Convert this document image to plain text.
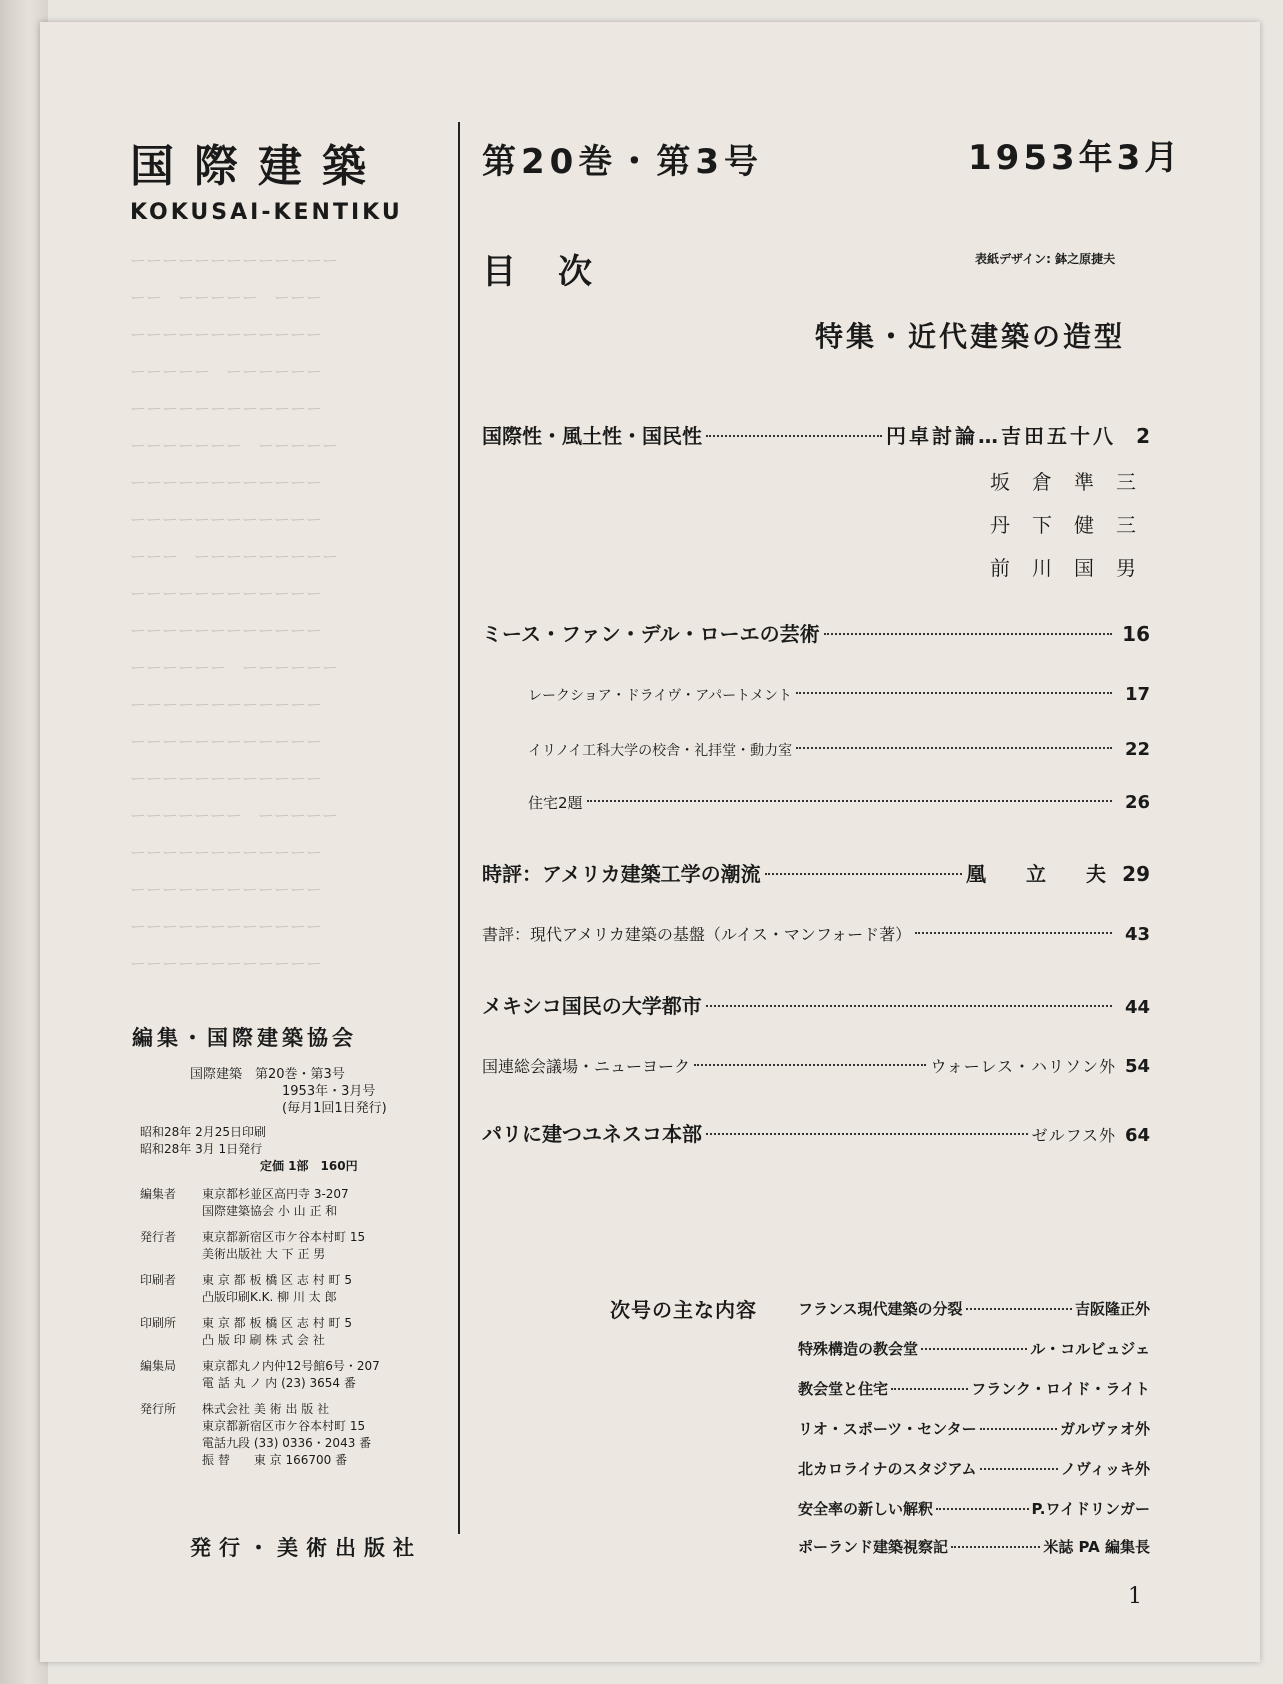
ーーーーーーーーーーーーー
ーー　ーーーーー　ーーー
ーーーーーーーーーーーー
ーーーーー　ーーーーーー
ーーーーーーーーーーーー
ーーーーーーー　ーーーーー
ーーーーーーーーーーーー
ーーーーーーーーーーーー
ーーー　ーーーーーーーーー
ーーーーーーーーーーーー
ーーーーーーーーーーーー
ーーーーーー　ーーーーーー
ーーーーーーーーーーーー
ーーーーーーーーーーーー
ーーーーーーーーーーーー
ーーーーーーー　ーーーーー
ーーーーーーーーーーーー
ーーーーーーーーーーーー
ーーーーーーーーーーーー
ーーーーーーーーーーーー
国際建築
KOKUSAI-KENTIKU
第20巻・第3号	1953年3月
目次	表紙デザイン: 鉢之原捷夫
特集・近代建築の造型
国際性・風土性・国民性	円卓討論…吉田五十八	2
坂倉準三
丹下健三
前川国男
ミース・ファン・デル・ローエの芸術	16
レークショア・ドライヴ・アパートメント	17
イリノイ工科大学の校舎・礼拝堂・動力室	22
住宅2題	26
時評：アメリカ建築工学の潮流	凰　立　夫 29
書評：現代アメリカ建築の基盤（ルイス・マンフォード著）	43
メキシコ国民の大学都市	44
国連総会議場・ニューヨーク	ウォーレス・ハリソン外 54
パリに建つユネスコ本部	ゼルフス外 64
編集・国際建築協会
国際建築　第20巻・第3号
1953年・3月号
(毎月1回1日発行)
昭和28年 2月25日印刷
昭和28年 3月 1日発行
定価 1部　160円
編集者 東京都杉並区高円寺 3-207
国際建築協会 小 山 正 和
発行者 東京都新宿区市ケ谷本村町 15
美術出版社 大 下 正 男
印刷者 東 京 都 板 橋 区 志 村 町 5
凸版印刷K.K. 柳 川 太 郎
印刷所 東 京 都 板 橋 区 志 村 町 5
凸 版 印 刷 株 式 会 社
編集局 東京都丸ノ内仲12号館6号・207
電 話 丸 ノ 内 (23) 3654 番
発行所 株式会社 美 術 出 版 社
東京都新宿区市ケ谷本村町 15
電話九段 (33) 0336・2043 番
振 替　　東 京 166700 番
発行・美術出版社
次号の主な内容	フランス現代建築の分裂	吉阪隆正外
特殊構造の教会堂	ル・コルビュジェ
教会堂と住宅	フランク・ロイド・ライト
リオ・スポーツ・センター	ガルヴァオ外
北カロライナのスタジアム	ノヴィッキ外
安全率の新しい解釈	P.ワイドリンガー
ポーランド建築視察記	米誌 PA 編集長
1
